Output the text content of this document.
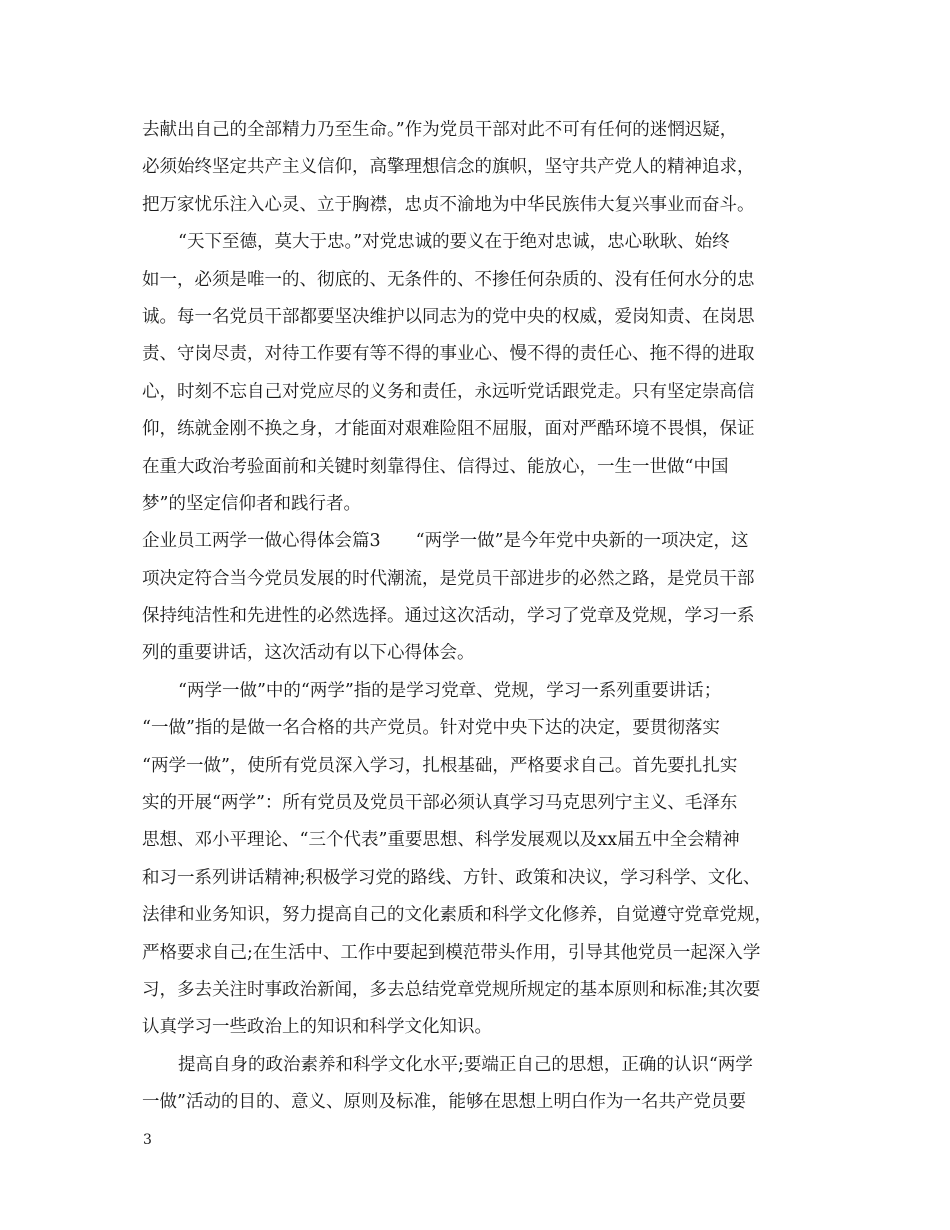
去献出自己的全部精力乃至生命。”作为党员干部对此不可有任何的迷惘迟疑，
必须始终坚定共产主义信仰，高擎理想信念的旗帜，坚守共产党人的精神追求，
把万家忧乐注入心灵、立于胸襟，忠贞不渝地为中华民族伟大复兴事业而奋斗。
“天下至德，莫大于忠。”对党忠诚的要义在于绝对忠诚，忠心耿耿、始终
如一，必须是唯一的、彻底的、无条件的、不掺任何杂质的、没有任何水分的忠
诚。每一名党员干部都要坚决维护以同志为的党中央的权威，爱岗知责、在岗思
责、守岗尽责，对待工作要有等不得的事业心、慢不得的责任心、拖不得的进取
心，时刻不忘自己对党应尽的义务和责任，永远听党话跟党走。只有坚定崇高信
仰，练就金刚不换之身，才能面对艰难险阻不屈服，面对严酷环境不畏惧，保证
在重大政治考验面前和关键时刻靠得住、信得过、能放心，一生一世做“中国
梦”的坚定信仰者和践行者。
企业员工两学一做心得体会篇3　　“两学一做”是今年党中央新的一项决定，这
项决定符合当今党员发展的时代潮流，是党员干部进步的必然之路，是党员干部
保持纯洁性和先进性的必然选择。通过这次活动，学习了党章及党规，学习一系
列的重要讲话，这次活动有以下心得体会。
“两学一做”中的“两学”指的是学习党章、党规，学习一系列重要讲话；
“一做”指的是做一名合格的共产党员。针对党中央下达的决定，要贯彻落实
“两学一做”，使所有党员深入学习，扎根基础，严格要求自己。首先要扎扎实
实的开展“两学”：所有党员及党员干部必须认真学习马克思列宁主义、毛泽东
思想、邓小平理论、“三个代表”重要思想、科学发展观以及xx届五中全会精神
和习一系列讲话精神;积极学习党的路线、方针、政策和决议，学习科学、文化、
法律和业务知识，努力提高自己的文化素质和科学文化修养，自觉遵守党章党规，
严格要求自己;在生活中、工作中要起到模范带头作用，引导其他党员一起深入学
习，多去关注时事政治新闻，多去总结党章党规所规定的基本原则和标准;其次要
认真学习一些政治上的知识和科学文化知识。
提高自身的政治素养和科学文化水平;要端正自己的思想，正确的认识“两学
一做”活动的目的、意义、原则及标准，能够在思想上明白作为一名共产党员要
3
